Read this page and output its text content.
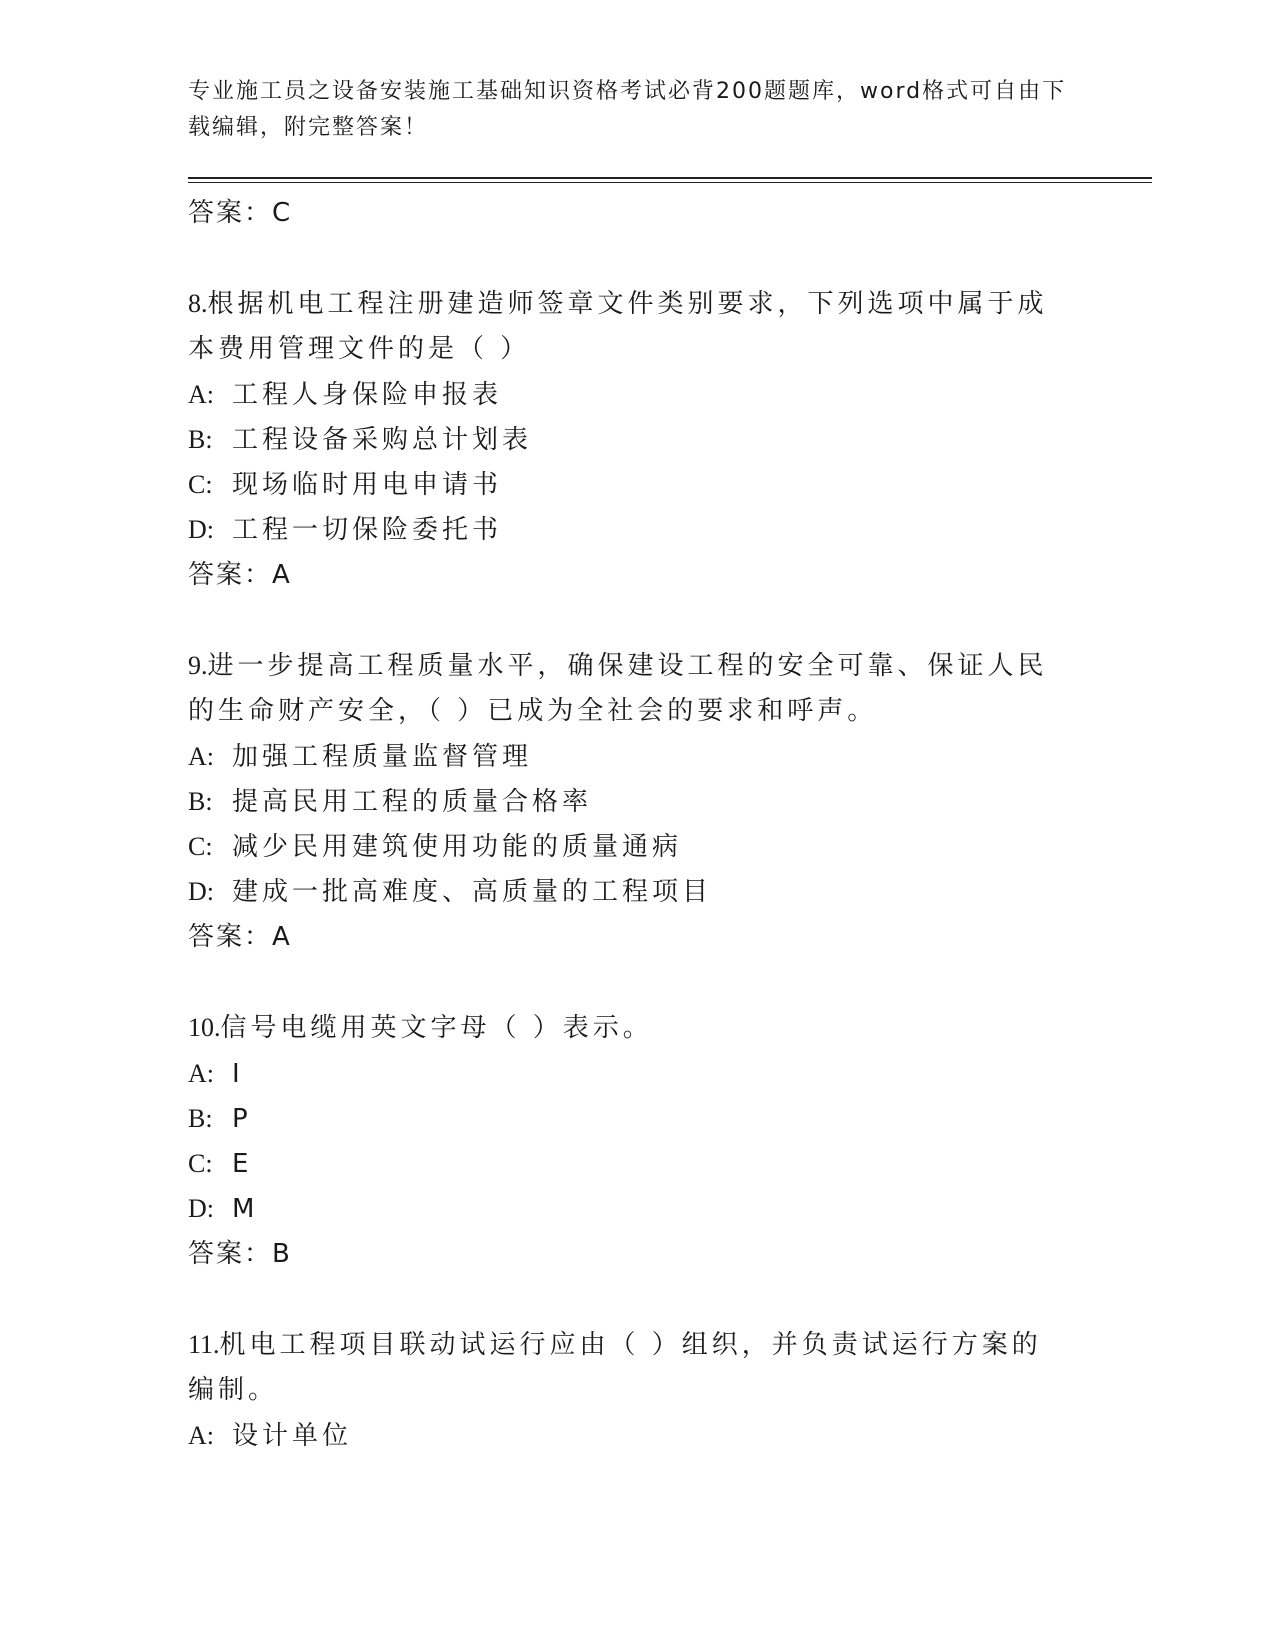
专业施工员之设备安装施工基础知识资格考试必背200题题库，word格式可自由下载编辑，附完整答案！
答案：C

8.根据机电工程注册建造师签章文件类别要求，下列选项中属于成本费用管理文件的是（ ）

A: 工程人身保险申报表
B: 工程设备采购总计划表
C: 现场临时用电申请书
D: 工程一切保险委托书
答案：A

9.进一步提高工程质量水平，确保建设工程的安全可靠、保证人民的生命财产安全，（ ）已成为全社会的要求和呼声。

A: 加强工程质量监督管理
B: 提高民用工程的质量合格率
C: 减少民用建筑使用功能的质量通病
D: 建成一批高难度、高质量的工程项目
答案：A

10.信号电缆用英文字母（ ）表示。

A: I
B: P
C: E
D: M
答案：B

11.机电工程项目联动试运行应由（ ）组织，并负责试运行方案的编制。

A: 设计单位
